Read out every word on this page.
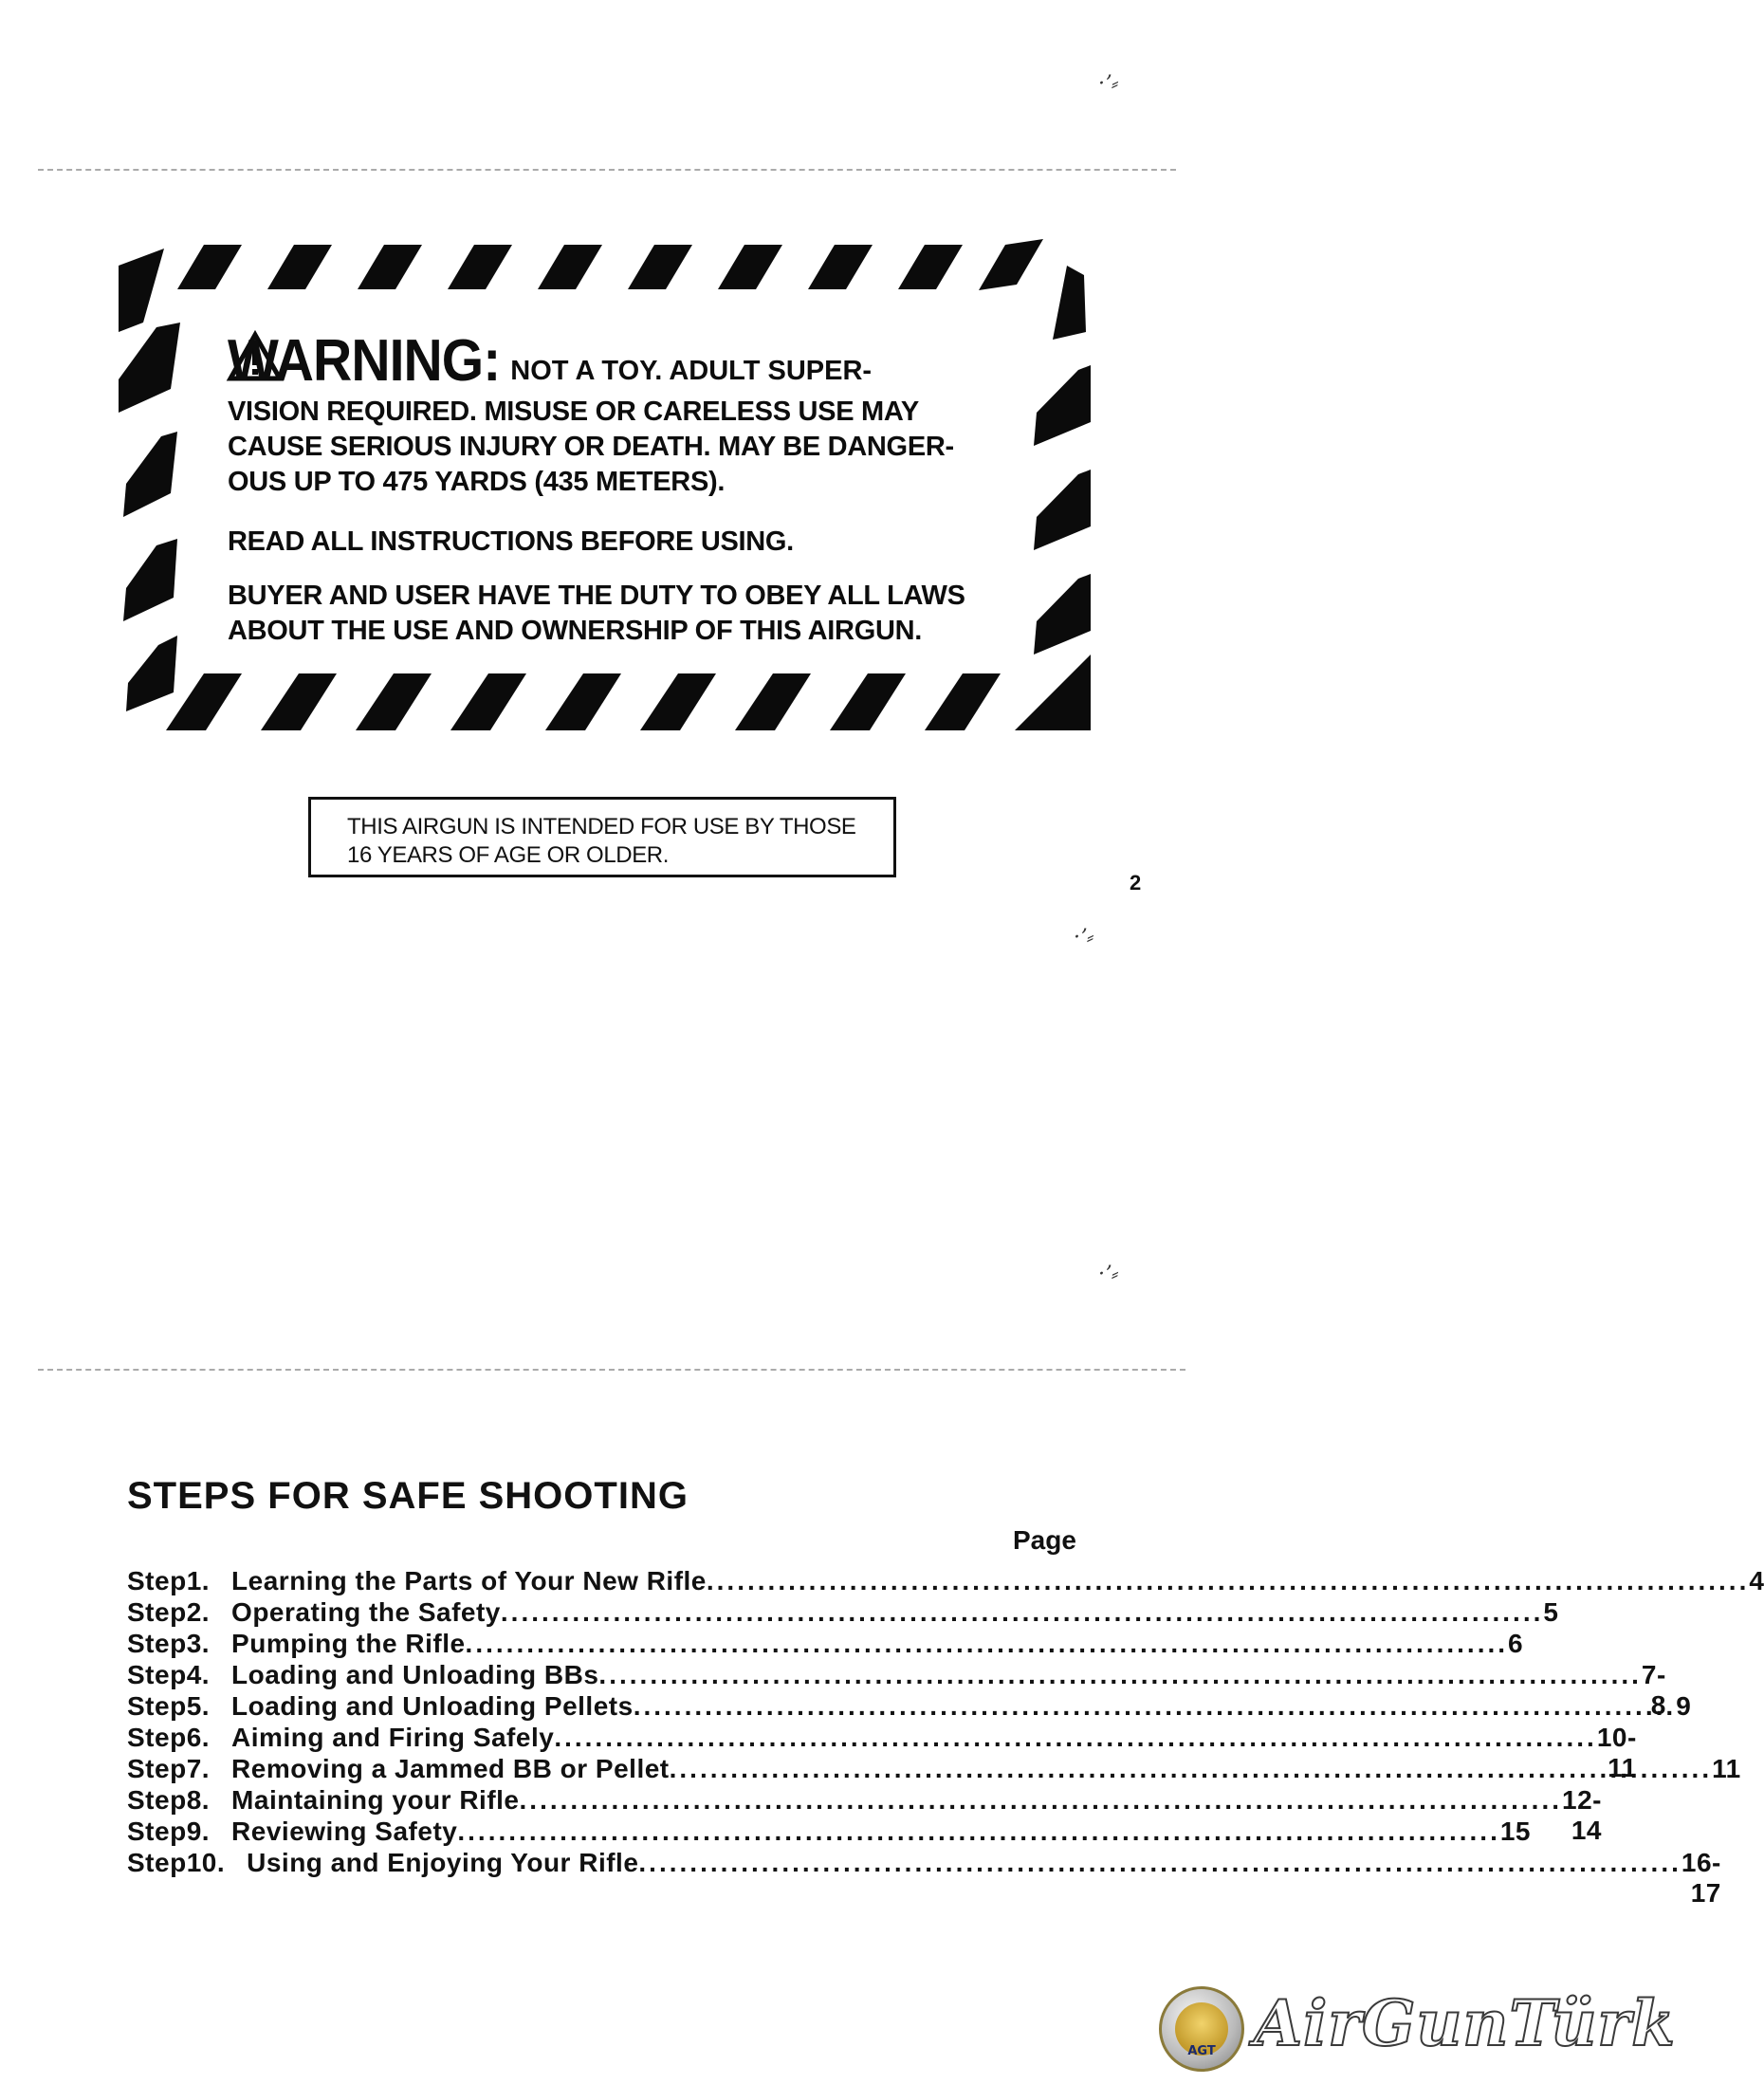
·ʼ⸗
·ʼ⸗
·ʼ⸗
WARNING: NOT A TOY. ADULT SUPER-
VISION REQUIRED. MISUSE OR CARELESS USE MAY
CAUSE SERIOUS INJURY OR DEATH. MAY BE DANGER-
OUS UP TO 475 YARDS (435 METERS).
READ ALL INSTRUCTIONS BEFORE USING.
BUYER AND USER HAVE THE DUTY TO OBEY ALL LAWS
ABOUT THE USE AND OWNERSHIP OF THIS AIRGUN.
THIS AIRGUN IS INTENDED FOR USE BY THOSE
16 YEARS OF AGE OR OLDER.
2
STEPS FOR SAFE SHOOTING
Page
Step 1. Learning the Parts of Your New Rifle .....	4
Step 2. Operating the Safety .....	5
Step 3. Pumping the Rifle .....	6
Step 4. Loading and Unloading BBs .....	7-8
Step 5. Loading and Unloading Pellets .....	9
Step 6. Aiming and Firing Safely .....	10-11
Step 7. Removing a Jammed BB or Pellet .....	11
Step 8. Maintaining your Rifle .....	12-14
Step 9. Reviewing Safety .....	15
Step 10. Using and Enjoying Your Rifle .....	16-17
AGT AirGunTürk
